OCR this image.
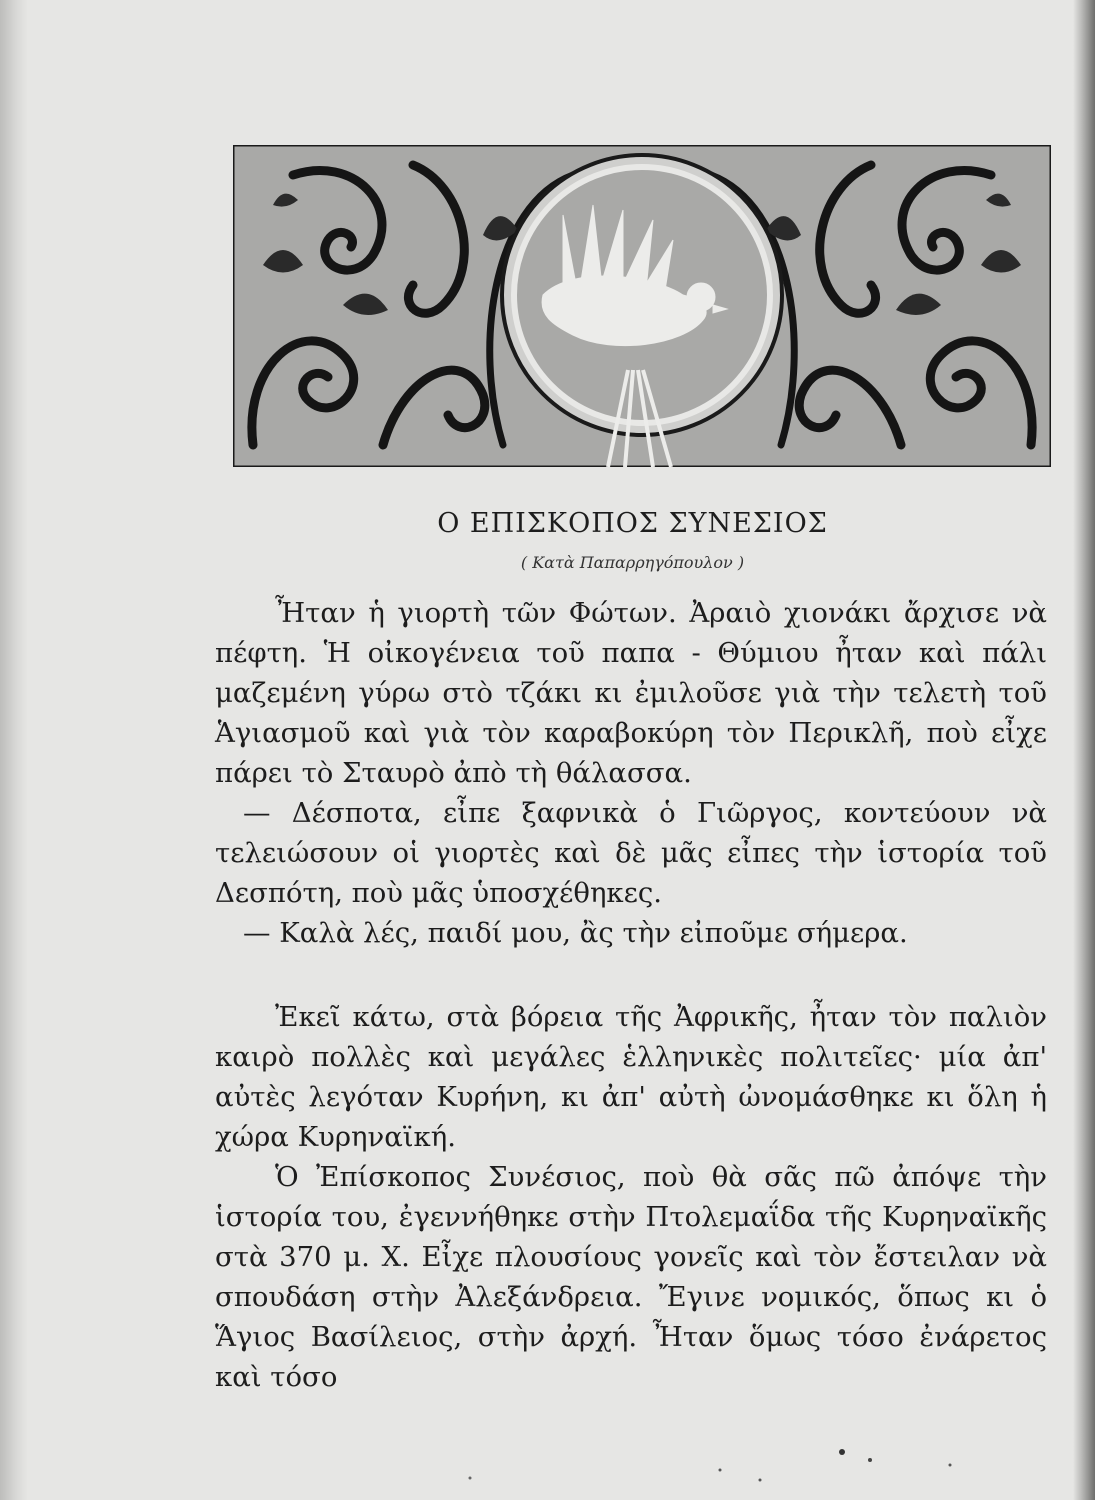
Ο ΕΠΙΣΚΟΠΟΣ ΣΥΝΕΣΙΟΣ
( Κατὰ Παπαρρηγόπουλον )

Ἦταν ἡ γιορτὴ τῶν Φώτων. Ἀραιὸ χιονάκι ἄρχισε νὰ πέφτη. Ἡ οἰκογένεια τοῦ παπα - Θύμιου ἦταν καὶ πάλι μαζεμένη γύρω στὸ τζάκι κι ἐμιλοῦσε γιὰ τὴν τελετὴ τοῦ Ἁγιασμοῦ καὶ γιὰ τὸν καραβοκύρη τὸν Περικλῆ, ποὺ εἶχε πάρει τὸ Σταυρὸ ἀπὸ τὴ θάλασσα.

— Δέσποτα, εἶπε ξαφνικὰ ὁ Γιῶργος, κοντεύουν νὰ τελειώσουν οἱ γιορτὲς καὶ δὲ μᾶς εἶπες τὴν ἱστορία τοῦ Δεσπότη, ποὺ μᾶς ὑποσχέθηκες.

— Καλὰ λές, παιδί μου, ἂς τὴν εἰποῦμε σήμερα.

Ἐκεῖ κάτω, στὰ βόρεια τῆς Ἀφρικῆς, ἦταν τὸν παλιὸν καιρὸ πολλὲς καὶ μεγάλες ἑλληνικὲς πολιτεῖες· μία ἀπ' αὐτὲς λεγόταν Κυρήνη, κι ἀπ' αὐτὴ ὠνομάσθηκε κι ὅλη ἡ χώρα Κυρηναϊκή.

Ὁ Ἐπίσκοπος Συνέσιος, ποὺ θὰ σᾶς πῶ ἀπόψε τὴν ἱστορία του, ἐγεννήθηκε στὴν Πτολεμαΐδα τῆς Κυρηναϊκῆς στὰ 370 μ. Χ. Εἶχε πλουσίους γονεῖς καὶ τὸν ἔστειλαν νὰ σπουδάση στὴν Ἀλεξάνδρεια. Ἔγινε νομικός, ὅπως κι ὁ Ἅγιος Βασίλειος, στὴν ἀρχή. Ἦταν ὅμως τόσο ἐνάρετος καὶ τόσο
